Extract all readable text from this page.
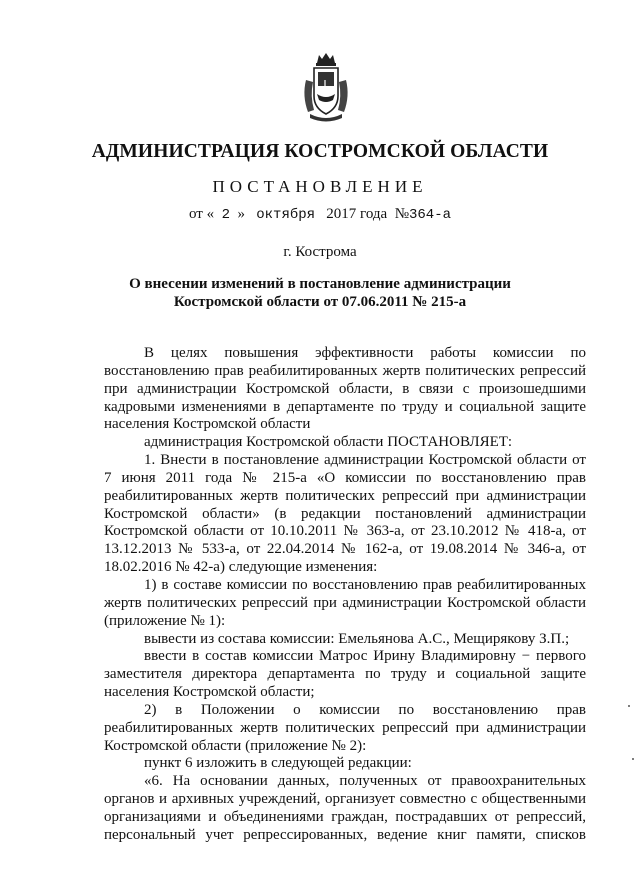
АДМИНИСТРАЦИЯ КОСТРОМСКОЙ ОБЛАСТИ
ПОСТАНОВЛЕНИЕ
от « 2 » октября 2017 года №364-а
г. Кострома
О внесении изменений в постановление администрации
Костромской области от 07.06.2011 № 215-а
В целях повышения эффективности работы комиссии по
восстановлению прав реабилитированных жертв политических репрессий
при администрации Костромской области, в связи с произошедшими
кадровыми изменениями в департаменте по труду и социальной защите
населения Костромской области
администрация Костромской области ПОСТАНОВЛЯЕТ:
1. Внести в постановление администрации Костромской области от
7 июня 2011 года № 215-а «О комиссии по восстановлению прав
реабилитированных жертв политических репрессий при администрации
Костромской области» (в редакции постановлений администрации
Костромской области от 10.10.2011 № 363-а, от 23.10.2012 № 418-а, от
13.12.2013 № 533-а, от 22.04.2014 № 162-а, от 19.08.2014 № 346-а, от
18.02.2016 № 42-а) следующие изменения:
1) в составе комиссии по восстановлению прав реабилитированных
жертв политических репрессий при администрации Костромской области
(приложение № 1):
вывести из состава комиссии: Емельянова А.С., Мещирякову З.П.;
ввести в состав комиссии Матрос Ирину Владимировну − первого
заместителя директора департамента по труду и социальной защите
населения Костромской области;
2) в Положении о комиссии по восстановлению прав
реабилитированных жертв политических репрессий при администрации
Костромской области (приложение № 2):
пункт 6 изложить в следующей редакции:
«6. На основании данных, полученных от правоохранительных
органов и архивных учреждений, организует совместно с общественными
организациями и объединениями граждан, пострадавших от репрессий,
персональный учет репрессированных, ведение книг памяти, списков
